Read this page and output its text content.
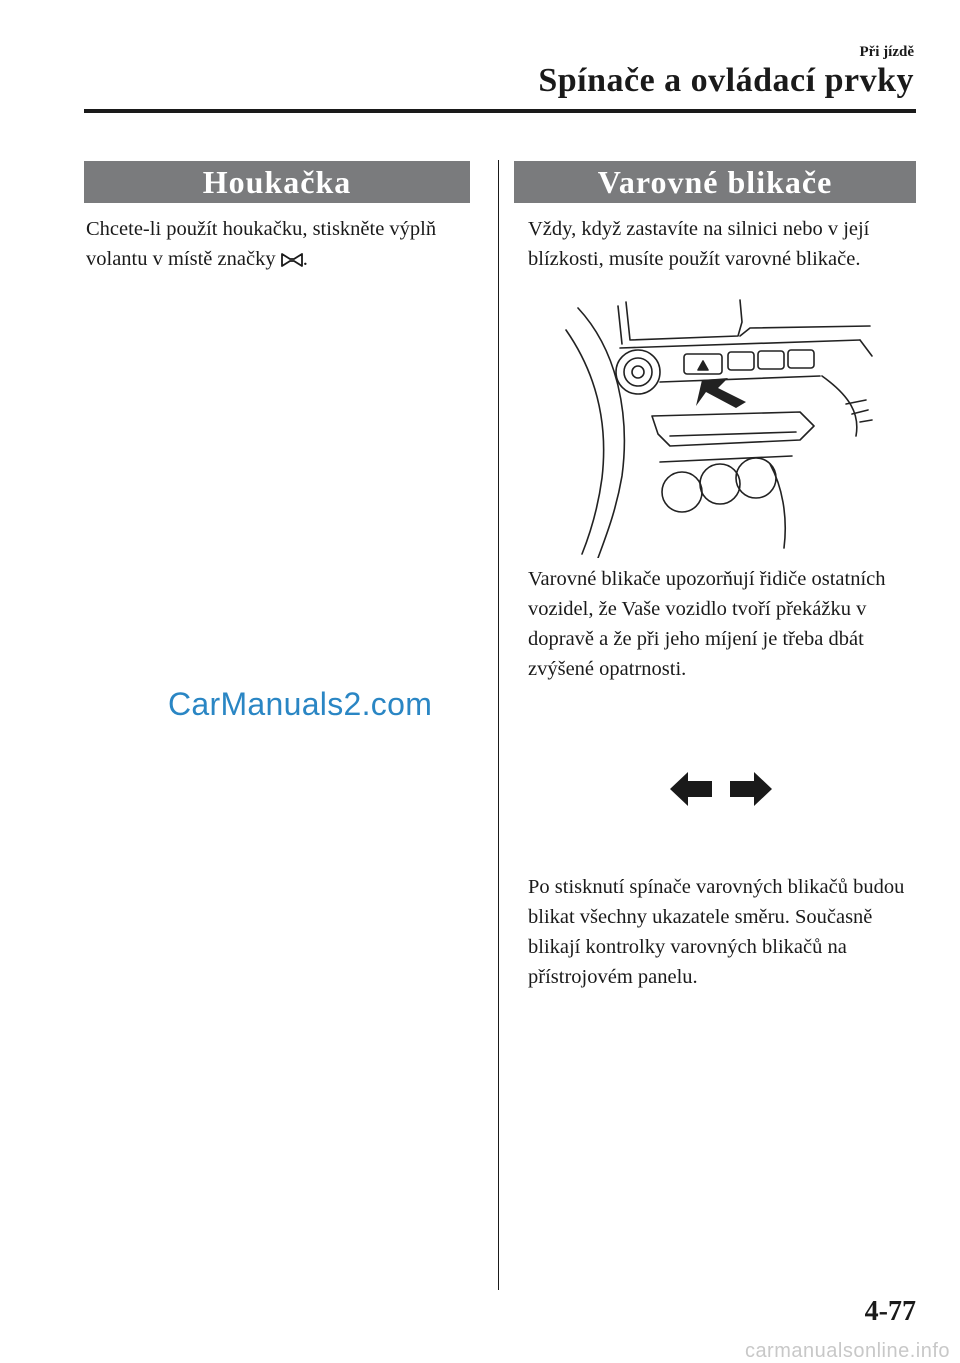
Při jízdě
Spínače a ovládací prvky
Houkačka
Chcete-li použít houkačku, stiskněte výplň volantu v místě značky .
CarManuals2.com
Varovné blikače
Vždy, když zastavíte na silnici nebo v její blízkosti, musíte použít varovné blikače.
Varovné blikače upozorňují řidiče ostatních vozidel, že Vaše vozidlo tvoří překážku v dopravě a že při jeho míjení je třeba dbát zvýšené opatrnosti.
Po stisknutí spínače varovných blikačů budou blikat všechny ukazatele směru. Současně blikají kontrolky varovných blikačů na přístrojovém panelu.
4-77
carmanualsonline.info
